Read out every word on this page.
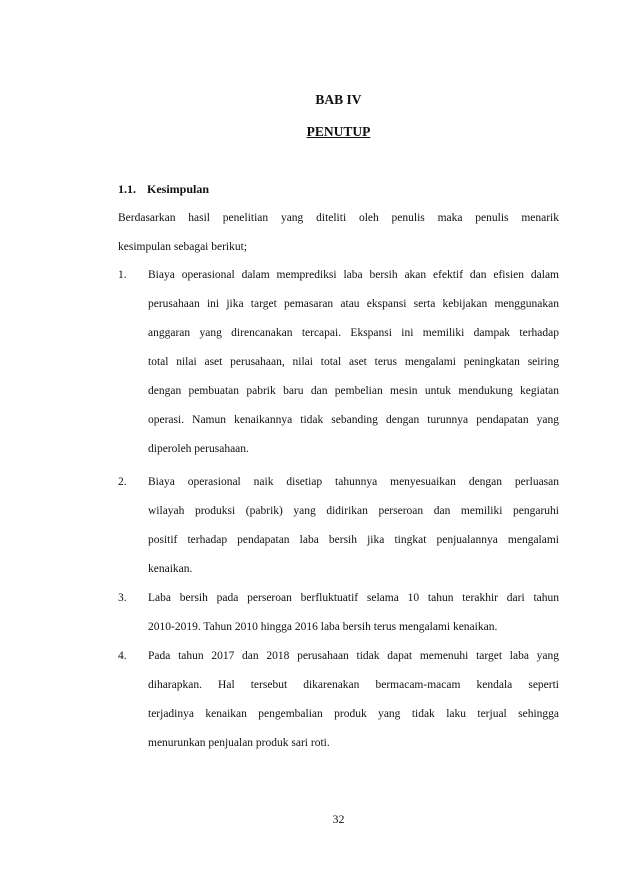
BAB IV
PENUTUP
1.1. Kesimpulan
Berdasarkan hasil penelitian yang diteliti oleh penulis maka penulis menarik
kesimpulan sebagai berikut;
1. Biaya operasional dalam memprediksi laba bersih akan efektif dan efisien dalam
perusahaan ini jika target pemasaran atau ekspansi serta kebijakan menggunakan
anggaran yang direncanakan tercapai. Ekspansi ini memiliki dampak terhadap
total nilai aset perusahaan, nilai total aset terus mengalami peningkatan seiring
dengan pembuatan pabrik baru dan pembelian mesin untuk mendukung kegiatan
operasi. Namun kenaikannya tidak sebanding dengan turunnya pendapatan yang
diperoleh perusahaan.
2. Biaya operasional naik disetiap tahunnya menyesuaikan dengan perluasan
wilayah produksi (pabrik) yang didirikan perseroan dan memiliki pengaruhi
positif terhadap pendapatan laba bersih jika tingkat penjualannya mengalami
kenaikan.
3. Laba bersih pada perseroan berfluktuatif selama 10 tahun terakhir dari tahun
2010-2019. Tahun 2010 hingga 2016 laba bersih terus mengalami kenaikan.
4. Pada tahun 2017 dan 2018 perusahaan tidak dapat memenuhi target laba yang
diharapkan. Hal tersebut dikarenakan bermacam-macam kendala seperti
terjadinya kenaikan pengembalian produk yang tidak laku terjual sehingga
menurunkan penjualan produk sari roti.
32
